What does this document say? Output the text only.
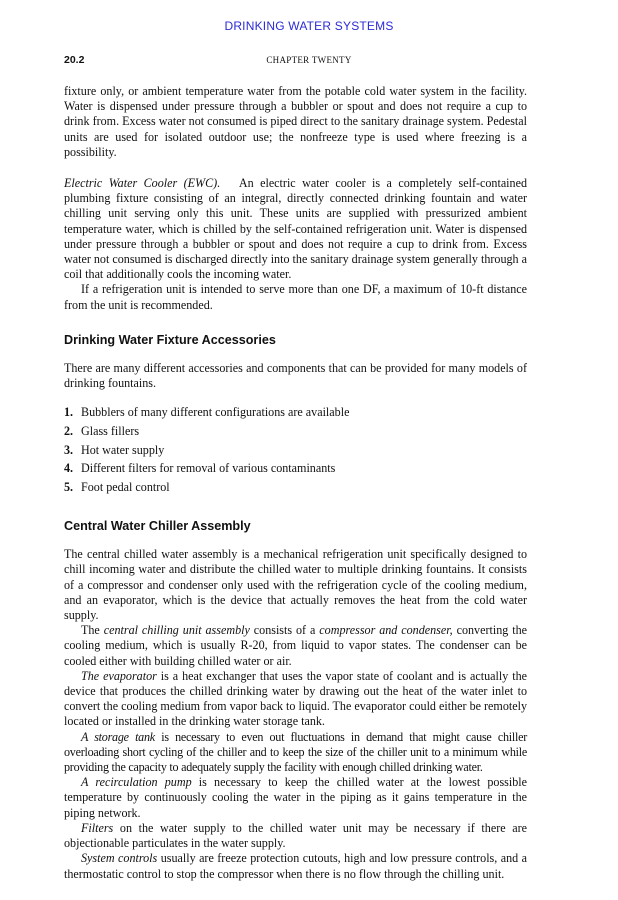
DRINKING WATER SYSTEMS
20.2	CHAPTER TWENTY

fixture only, or ambient temperature water from the potable cold water system in the facility. Water is dispensed under pressure through a bubbler or spout and does not require a cup to drink from. Excess water not consumed is piped direct to the sanitary drainage system. Pedestal units are used for isolated outdoor use; the nonfreeze type is used where freezing is a possibility.

Electric Water Cooler (EWC). An electric water cooler is a completely self-contained plumbing fixture consisting of an integral, directly connected drinking fountain and water chilling unit serving only this unit. These units are supplied with pressurized ambient temperature water, which is chilled by the self-contained refrigeration unit. Water is dispensed under pressure through a bubbler or spout and does not require a cup to drink from. Excess water not consumed is discharged directly into the sanitary drainage system generally through a coil that additionally cools the incoming water.

If a refrigeration unit is intended to serve more than one DF, a maximum of 10-ft distance from the unit is recommended.

Drinking Water Fixture Accessories

There are many different accessories and components that can be provided for many models of drinking fountains.

1. Bubblers of many different configurations are available
2. Glass fillers
3. Hot water supply
4. Different filters for removal of various contaminants
5. Foot pedal control
Central Water Chiller Assembly

The central chilled water assembly is a mechanical refrigeration unit specifically designed to chill incoming water and distribute the chilled water to multiple drinking fountains. It consists of a compressor and condenser only used with the refrigeration cycle of the cooling medium, and an evaporator, which is the device that actually removes the heat from the cold water supply.

The central chilling unit assembly consists of a compressor and condenser, converting the cooling medium, which is usually R-20, from liquid to vapor states. The condenser can be cooled either with building chilled water or air.

The evaporator is a heat exchanger that uses the vapor state of coolant and is actually the device that produces the chilled drinking water by drawing out the heat of the water inlet to convert the cooling medium from vapor back to liquid. The evaporator could either be remotely located or installed in the drinking water storage tank.

A storage tank is necessary to even out fluctuations in demand that might cause chiller overloading short cycling of the chiller and to keep the size of the chiller unit to a minimum while providing the capacity to adequately supply the facility with enough chilled drinking water.

A recirculation pump is necessary to keep the chilled water at the lowest possible temperature by continuously cooling the water in the piping as it gains temperature in the piping network.

Filters on the water supply to the chilled water unit may be necessary if there are objectionable particulates in the water supply.

System controls usually are freeze protection cutouts, high and low pressure controls, and a thermostatic control to stop the compressor when there is no flow through the chilling unit.
